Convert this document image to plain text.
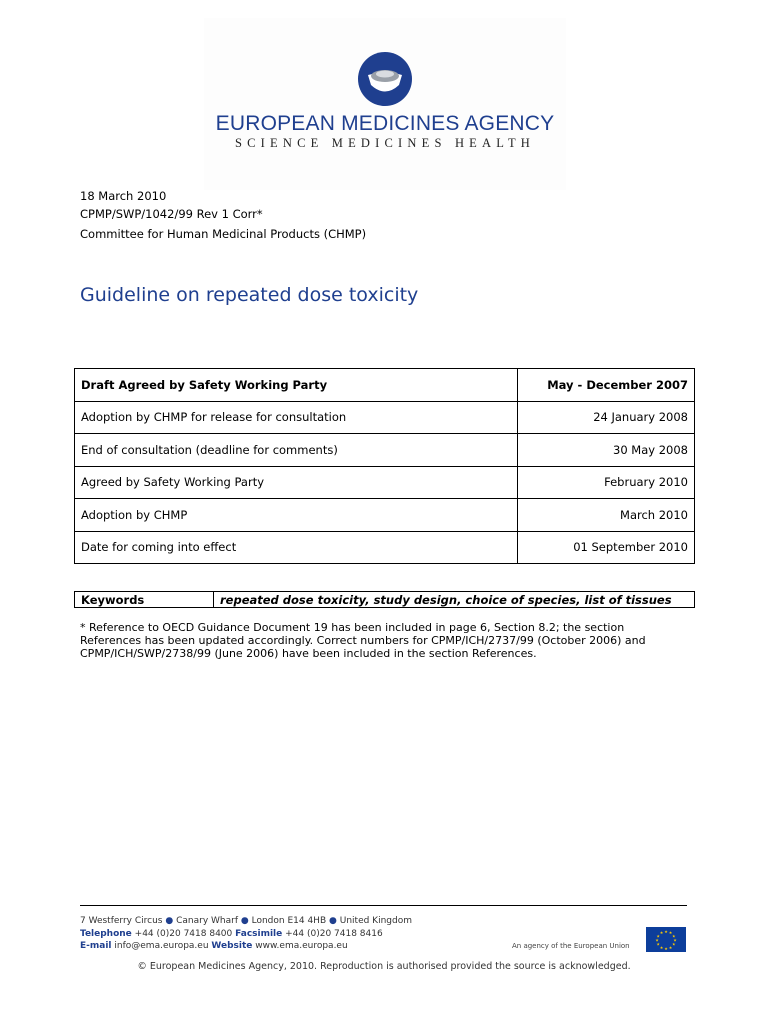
EUROPEAN MEDICINES AGENCY
SCIENCE MEDICINES HEALTH
18 March 2010
CPMP/SWP/1042/99 Rev 1 Corr*
Committee for Human Medicinal Products (CHMP)
Guideline on repeated dose toxicity
Draft Agreed by Safety Working Party	May - December 2007
Adoption by CHMP for release for consultation	24 January 2008
End of consultation (deadline for comments)	30 May 2008
Agreed by Safety Working Party	February 2010
Adoption by CHMP	March 2010
Date for coming into effect	01 September 2010
Keywords	repeated dose toxicity, study design, choice of species, list of tissues
* Reference to OECD Guidance Document 19 has been included in page 6, Section 8.2; the section
References has been updated accordingly. Correct numbers for CPMP/ICH/2737/99 (October 2006) and
CPMP/ICH/SWP/2738/99 (June 2006) have been included in the section References.
7 Westferry Circus ● Canary Wharf ● London E14 4HB ● United Kingdom
Telephone +44 (0)20 7418 8400 Facsimile +44 (0)20 7418 8416
E-mail info@ema.europa.eu Website www.ema.europa.eu	An agency of the European Union
★ ★
★
★
★
★
★
★
★
★
★
★
© European Medicines Agency, 2010. Reproduction is authorised provided the source is acknowledged.
